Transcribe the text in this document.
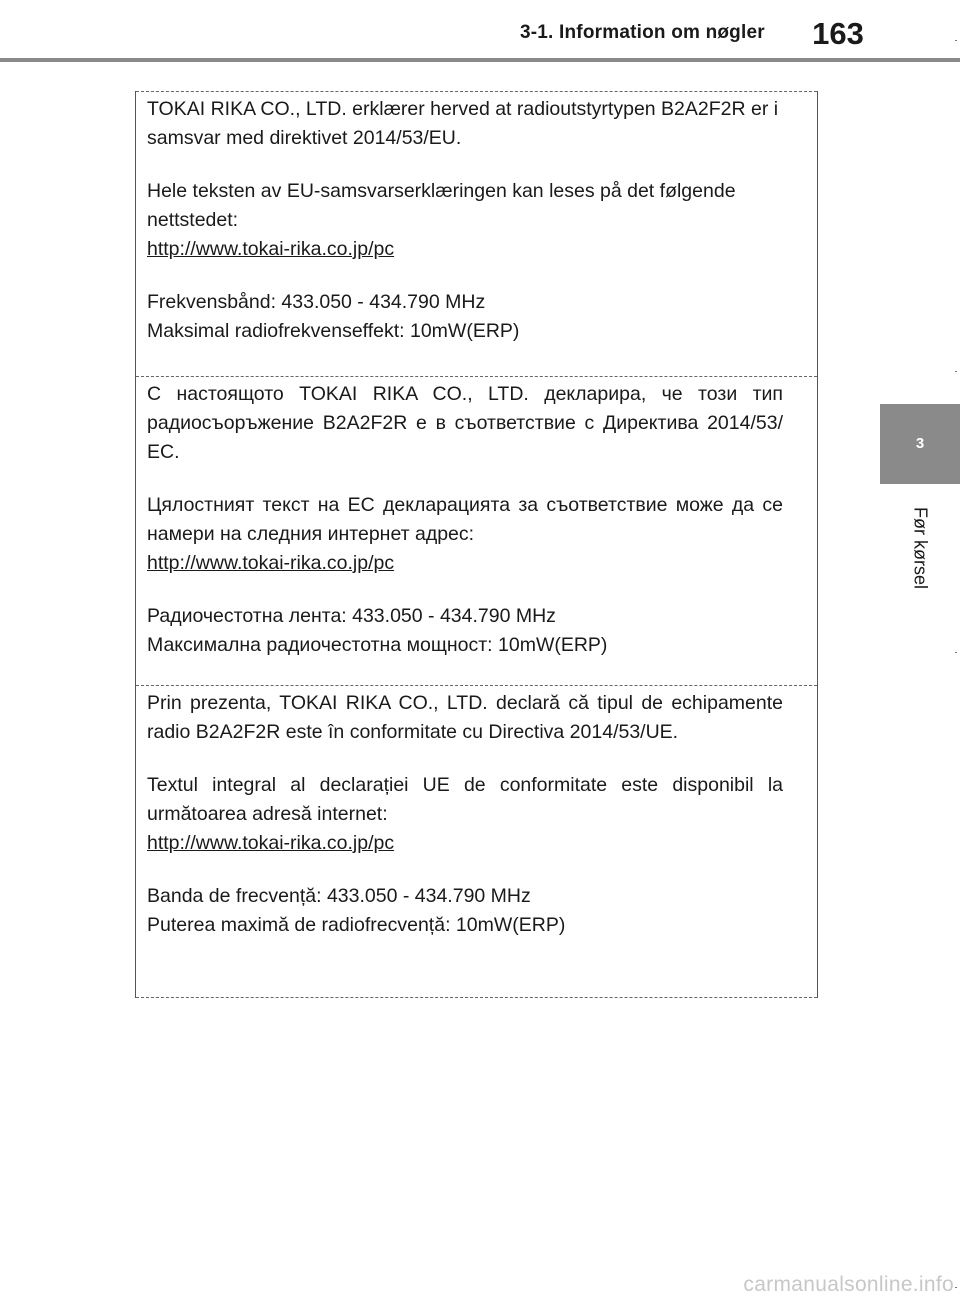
3-1. Information om nøgler	163
3
Før kørsel

TOKAI RIKA CO., LTD. erklærer herved at radioutstyrtypen B2A2F2R er i samsvar med direktivet 2014/53/EU.

Hele teksten av EU-samsvarserklæringen kan leses på det følgende nettstedet:

http://www.tokai-rika.co.jp/pc

Frekvensbånd: 433.050 - 434.790 MHz

Maksimal radiofrekvenseffekt: 10mW(ERP)

С настоящото TOKAI RIKA CO., LTD. декларира, че този тип радиосъоръжение B2A2F2R е в съответствие с Директива 2014/53/ЕС.

Цялостният текст на ЕС декларацията за съответствие може да се намери на следния интернет адрес:

http://www.tokai-rika.co.jp/pc

Радиочестотна лента: 433.050 - 434.790 MHz

Максимална радиочестотна мощност: 10mW(ERP)

Prin prezenta, TOKAI RIKA CO., LTD. declară că tipul de echipamente radio B2A2F2R este în conformitate cu Directiva 2014/53/UE.

Textul integral al declarației UE de conformitate este disponibil la următoarea adresă internet:

http://www.tokai-rika.co.jp/pc

Banda de frecvență: 433.050 - 434.790 MHz

Puterea maximă de radiofrecvență: 10mW(ERP)

carmanualsonline.info
